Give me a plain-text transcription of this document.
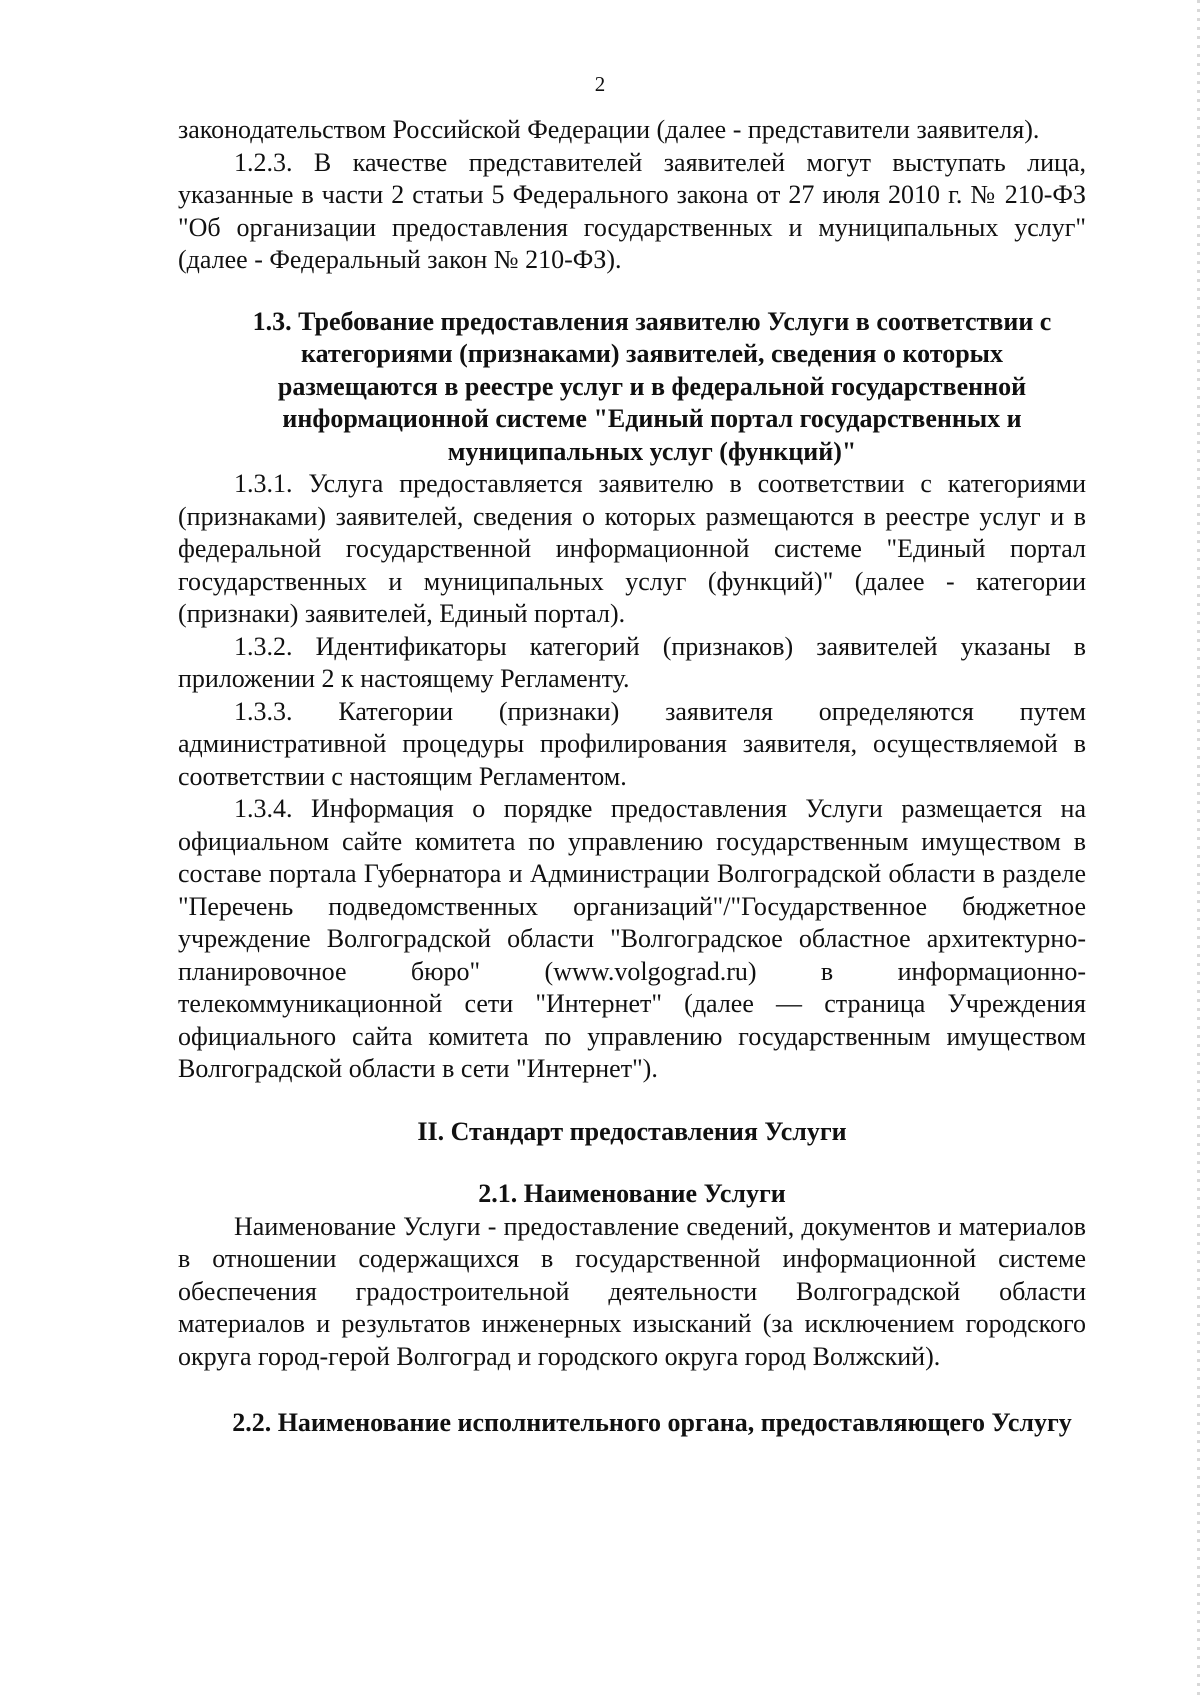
2

законодательством Российской Федерации (далее - представители заявителя).

1.2.3. В качестве представителей заявителей могут выступать лица, указанные в части 2 статьи 5 Федерального закона от 27 июля 2010 г. № 210-ФЗ "Об организации предоставления государственных и муниципальных услуг" (далее - Федеральный закон № 210-ФЗ).

1.3. Требование предоставления заявителю Услуги в соответствии с категориями (признаками) заявителей, сведения о которых размещаются в реестре услуг и в федеральной государственной информационной системе "Единый портал государственных и муниципальных услуг (функций)"

1.3.1. Услуга предоставляется заявителю в соответствии с категориями (признаками) заявителей, сведения о которых размещаются в реестре услуг и в федеральной государственной информационной системе "Единый портал государственных и муниципальных услуг (функций)" (далее - категории (признаки) заявителей, Единый портал).

1.3.2. Идентификаторы категорий (признаков) заявителей указаны в приложении 2 к настоящему Регламенту.

1.3.3. Категории (признаки) заявителя определяются путем административной процедуры профилирования заявителя, осуществляемой в соответствии с настоящим Регламентом.

1.3.4. Информация о порядке предоставления Услуги размещается на официальном сайте комитета по управлению государственным имуществом в составе портала Губернатора и Администрации Волгоградской области в разделе "Перечень подведомственных организаций"/"Государственное бюджетное учреждение Волгоградской области "Волгоградское областное архитектурно-планировочное бюро" (www.volgograd.ru) в информационно-телекоммуникационной сети "Интернет" (далее — страница Учреждения официального сайта комитета по управлению государственным имуществом Волгоградской области в сети "Интернет").

II. Стандарт предоставления Услуги
2.1. Наименование Услуги

Наименование Услуги - предоставление сведений, документов и материалов в отношении содержащихся в государственной информационной системе обеспечения градостроительной деятельности Волгоградской области материалов и результатов инженерных изысканий (за исключением городского округа город-герой Волгоград и городского округа город Волжский).

2.2. Наименование исполнительного органа, предоставляющего Услугу
